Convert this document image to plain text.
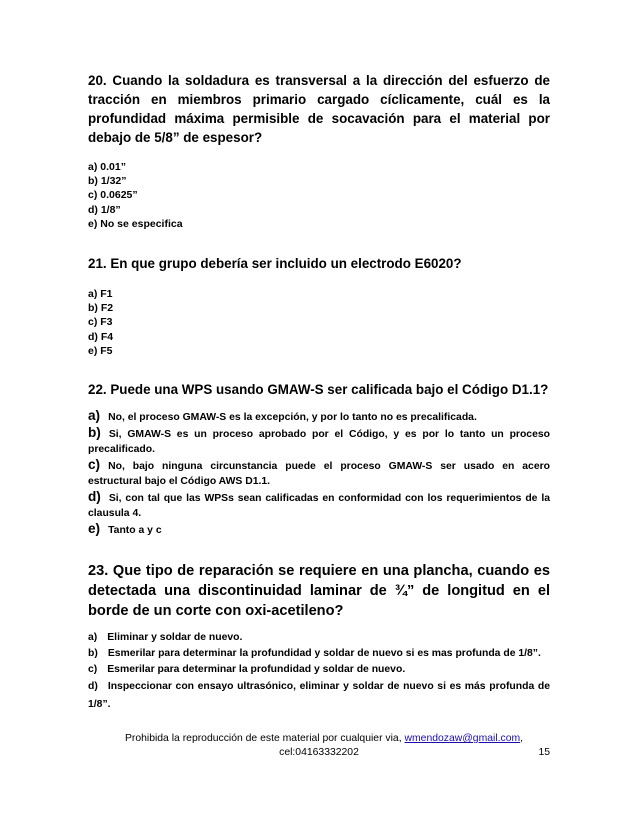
20. Cuando la soldadura es transversal a la dirección del esfuerzo de tracción en miembros primario cargado cíclicamente, cuál es la profundidad máxima permisible de socavación para el material por debajo de 5/8” de espesor?

a) 0.01”
b) 1/32”
c) 0.0625”
d) 1/8”
e) No se especifica

21. En que grupo debería ser incluido un electrodo E6020?

a) F1
b) F2
c) F3
d) F4
e) F5

22. Puede una WPS usando GMAW-S ser calificada bajo el Código D1.1?

a) No, el proceso GMAW-S es la excepción, y por lo tanto no es precalificada.

b) Si, GMAW-S es un proceso aprobado por el Código, y es por lo tanto un proceso precalificado.

c) No, bajo ninguna circunstancia puede el proceso GMAW-S ser usado en acero estructural bajo el Código AWS D1.1.

d) Si, con tal que las WPSs sean calificadas en conformidad con los requerimientos de la clausula 4.

e) Tanto a y c

23. Que tipo de reparación se requiere en una plancha, cuando es detectada una discontinuidad laminar de ¾” de longitud en el borde de un corte con oxi-acetileno?

a) Eliminar y soldar de nuevo.

b) Esmerilar para determinar la profundidad y soldar de nuevo si es mas profunda de 1/8”.

c) Esmerilar para determinar la profundidad y soldar de nuevo.

d) Inspeccionar con ensayo ultrasónico, eliminar y soldar de nuevo si es más profunda de 1/8”.

Prohibida la reproducción de este material por cualquier via, wmendozaw@gmail.com,
cel:04163332202	15
